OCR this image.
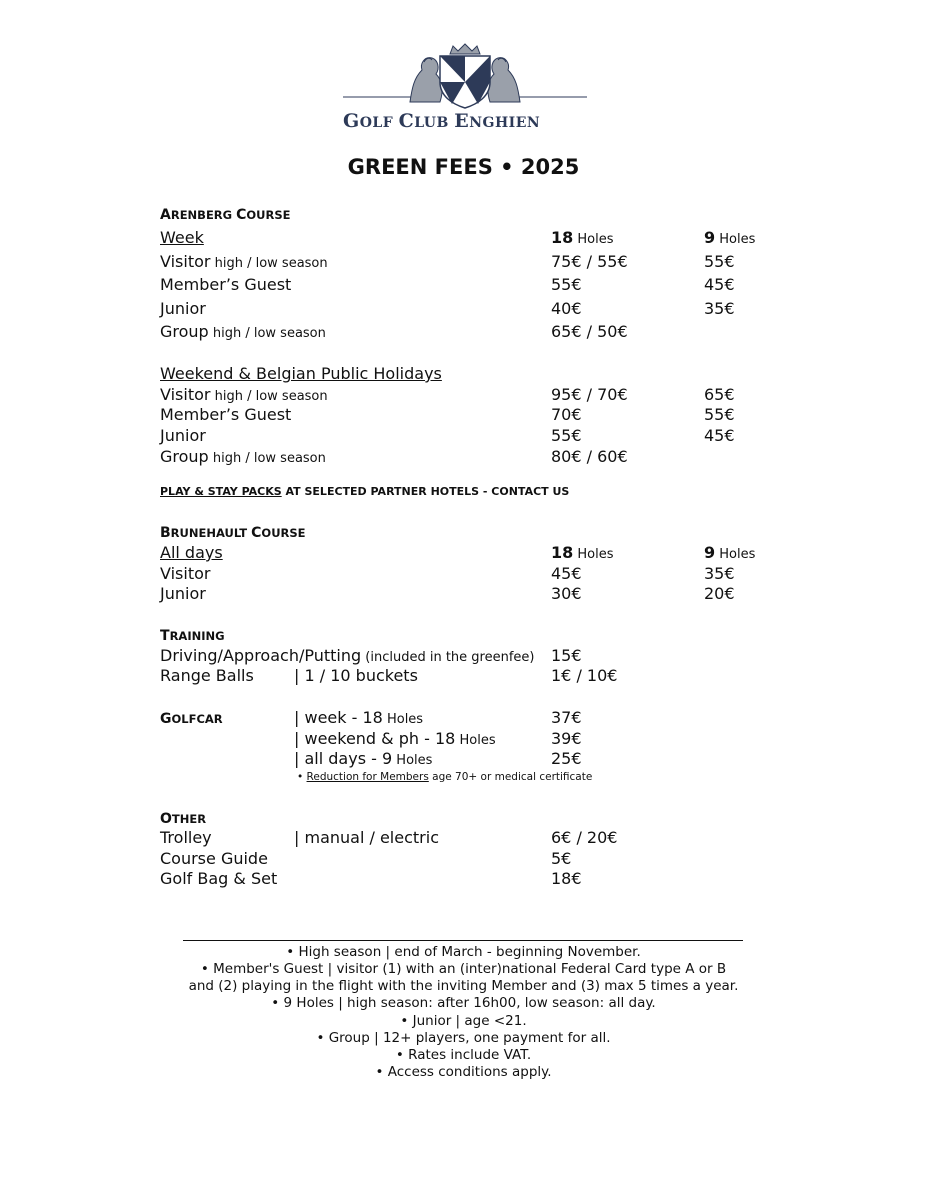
GOLF CLUB ENGHIEN
GREEN FEES • 2025
ARENBERG COURSE
Week	18 Holes	9 Holes
Visitor high / low season	75€ / 55€	55€
Member’s Guest	55€	45€
Junior	40€	35€
Group high / low season	65€ / 50€
Weekend & Belgian Public Holidays
Visitor high / low season	95€ / 70€	65€
Member’s Guest	70€	55€
Junior	55€	45€
Group high / low season	80€ / 60€
PLAY & STAY PACKS AT SELECTED PARTNER HOTELS - CONTACT US
BRUNEHAULT COURSE
All days	18 Holes	9 Holes
Visitor	45€	35€
Junior	30€	20€
TRAINING
Driving/Approach/Putting (included in the greenfee) 15€
Range Balls	| 1 / 10 buckets	1€ / 10€
GOLFCAR	| week - 18 Holes	37€
| weekend & ph - 18 Holes	39€
| all days - 9 Holes	25€
• Reduction for Members age 70+ or medical certificate
OTHER
Trolley	| manual / electric	6€ / 20€
Course Guide	5€
Golf Bag & Set	18€
• High season | end of March - beginning November.
• Member's Guest | visitor (1) with an (inter)national Federal Card type A or B
and (2) playing in the flight with the inviting Member and (3) max 5 times a year.
• 9 Holes | high season: after 16h00, low season: all day.
• Junior | age <21.
• Group | 12+ players, one payment for all.
• Rates include VAT.
• Access conditions apply.
